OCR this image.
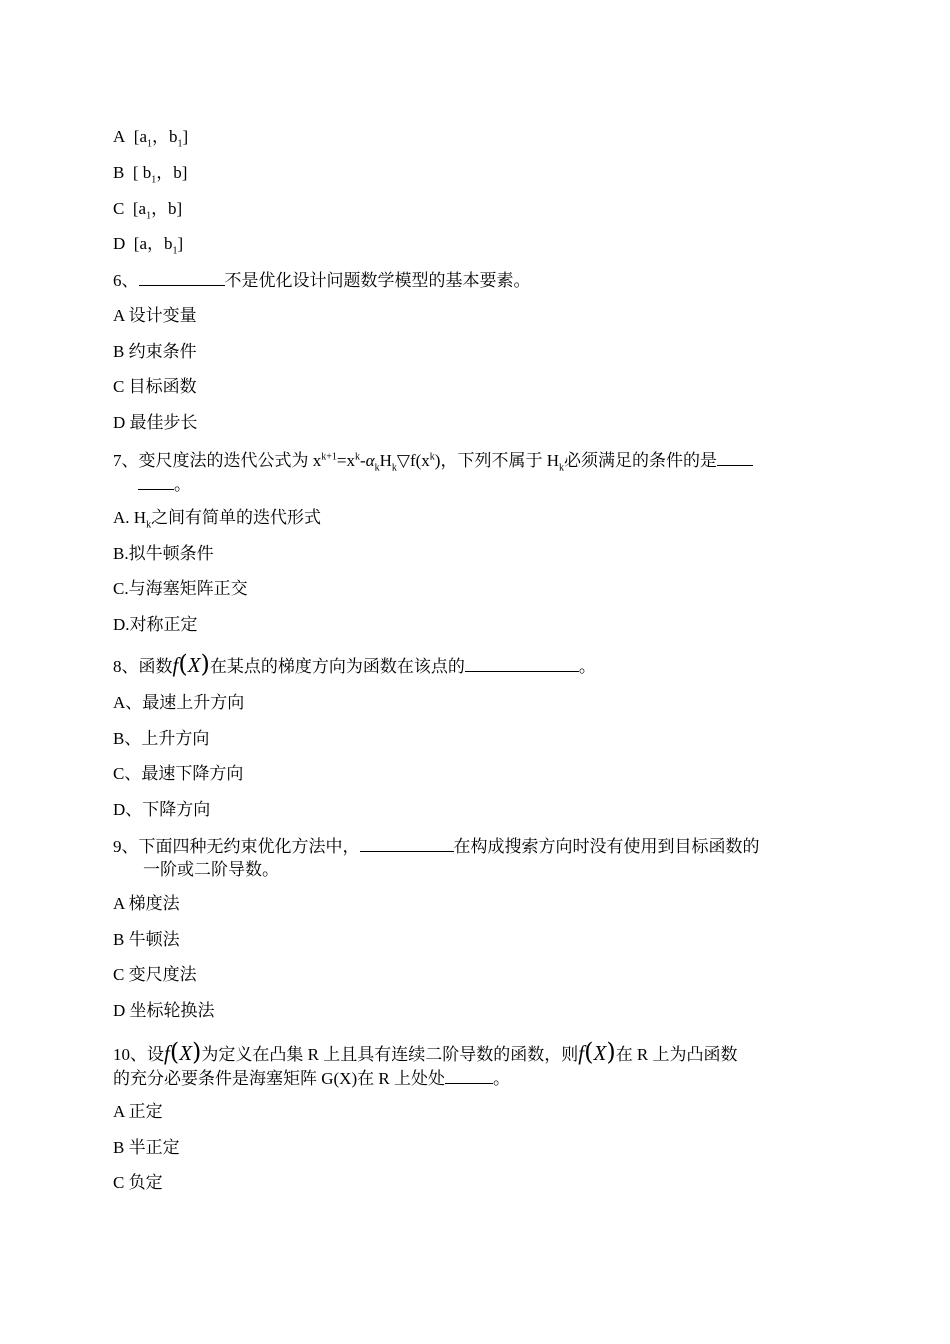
A  [$a_1$，$b_1$]
B  [ $b_1$，b]
C  [$a_1$，b]
D  [a，$b_1$]
6、	不是优化设计问题数学模型的基本要素。
A 设计变量
B 约束条件
C 目标函数
D 最佳步长
7、变尺度法的迭代公式为 $x^{k+1}=x^k-\alpha_kH_k▽f(x^k)$，下列不属于 $H_k$必须满足的条件的是
。
A. $H_k$之间有简单的迭代形式
B.拟牛顿条件
C.与海塞矩阵正交
D.对称正定
8、函数f(X)在某点的梯度方向为函数在该点的	。
A、最速上升方向
B、上升方向
C、最速下降方向
D、下降方向
9、下面四种无约束优化方法中，	在构成搜索方向时没有使用到目标函数的
一阶或二阶导数。
A 梯度法
B 牛顿法
C 变尺度法
D 坐标轮换法
10、设f(X)为定义在凸集 R 上且具有连续二阶导数的函数，则f(X)在 R 上为凸函数
的充分必要条件是海塞矩阵 G(X)在 R 上处处	。
A 正定
B 半正定
C 负定
